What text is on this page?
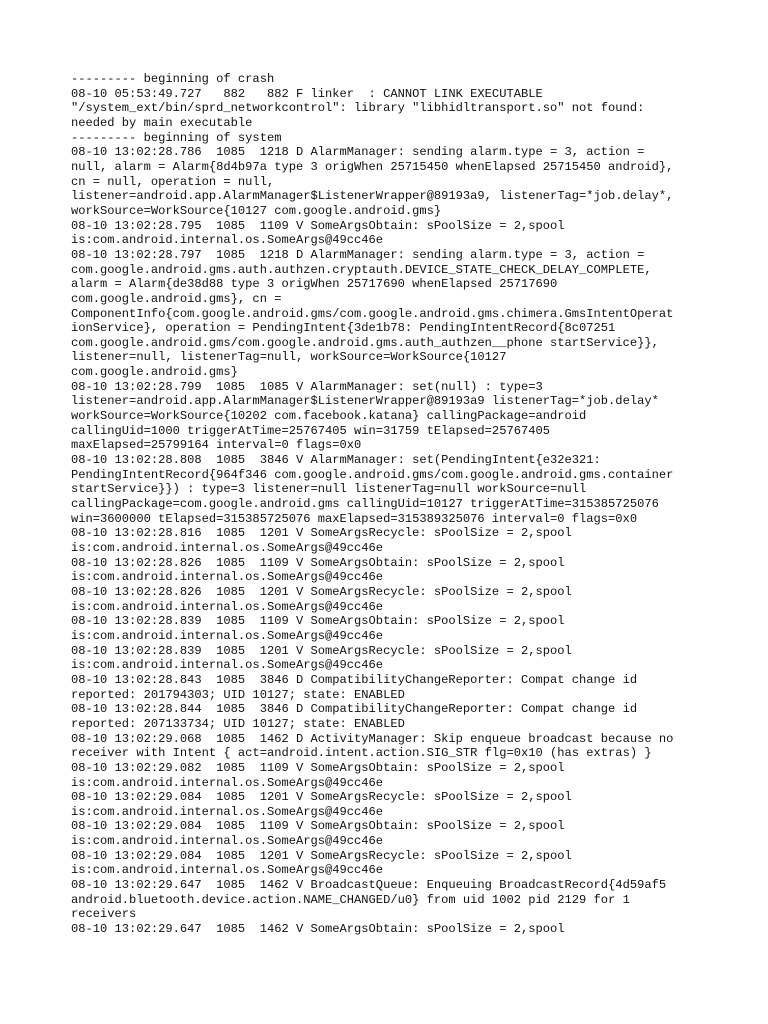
--------- beginning of crash
08-10 05:53:49.727   882   882 F linker  : CANNOT LINK EXECUTABLE
"/system_ext/bin/sprd_networkcontrol": library "libhidltransport.so" not found:
needed by main executable
--------- beginning of system
08-10 13:02:28.786  1085  1218 D AlarmManager: sending alarm.type = 3, action =
null, alarm = Alarm{8d4b97a type 3 origWhen 25715450 whenElapsed 25715450 android},
cn = null, operation = null,
listener=android.app.AlarmManager$ListenerWrapper@89193a9, listenerTag=*job.delay*,
workSource=WorkSource{10127 com.google.android.gms}
08-10 13:02:28.795  1085  1109 V SomeArgsObtain: sPoolSize = 2,spool
is:com.android.internal.os.SomeArgs@49cc46e
08-10 13:02:28.797  1085  1218 D AlarmManager: sending alarm.type = 3, action =
com.google.android.gms.auth.authzen.cryptauth.DEVICE_STATE_CHECK_DELAY_COMPLETE,
alarm = Alarm{de38d88 type 3 origWhen 25717690 whenElapsed 25717690
com.google.android.gms}, cn =
ComponentInfo{com.google.android.gms/com.google.android.gms.chimera.GmsIntentOperat
ionService}, operation = PendingIntent{3de1b78: PendingIntentRecord{8c07251
com.google.android.gms/com.google.android.gms.auth_authzen__phone startService}},
listener=null, listenerTag=null, workSource=WorkSource{10127
com.google.android.gms}
08-10 13:02:28.799  1085  1085 V AlarmManager: set(null) : type=3
listener=android.app.AlarmManager$ListenerWrapper@89193a9 listenerTag=*job.delay*
workSource=WorkSource{10202 com.facebook.katana} callingPackage=android
callingUid=1000 triggerAtTime=25767405 win=31759 tElapsed=25767405
maxElapsed=25799164 interval=0 flags=0x0
08-10 13:02:28.808  1085  3846 V AlarmManager: set(PendingIntent{e32e321:
PendingIntentRecord{964f346 com.google.android.gms/com.google.android.gms.container
startService}}) : type=3 listener=null listenerTag=null workSource=null
callingPackage=com.google.android.gms callingUid=10127 triggerAtTime=315385725076
win=3600000 tElapsed=315385725076 maxElapsed=315389325076 interval=0 flags=0x0
08-10 13:02:28.816  1085  1201 V SomeArgsRecycle: sPoolSize = 2,spool
is:com.android.internal.os.SomeArgs@49cc46e
08-10 13:02:28.826  1085  1109 V SomeArgsObtain: sPoolSize = 2,spool
is:com.android.internal.os.SomeArgs@49cc46e
08-10 13:02:28.826  1085  1201 V SomeArgsRecycle: sPoolSize = 2,spool
is:com.android.internal.os.SomeArgs@49cc46e
08-10 13:02:28.839  1085  1109 V SomeArgsObtain: sPoolSize = 2,spool
is:com.android.internal.os.SomeArgs@49cc46e
08-10 13:02:28.839  1085  1201 V SomeArgsRecycle: sPoolSize = 2,spool
is:com.android.internal.os.SomeArgs@49cc46e
08-10 13:02:28.843  1085  3846 D CompatibilityChangeReporter: Compat change id
reported: 201794303; UID 10127; state: ENABLED
08-10 13:02:28.844  1085  3846 D CompatibilityChangeReporter: Compat change id
reported: 207133734; UID 10127; state: ENABLED
08-10 13:02:29.068  1085  1462 D ActivityManager: Skip enqueue broadcast because no
receiver with Intent { act=android.intent.action.SIG_STR flg=0x10 (has extras) }
08-10 13:02:29.082  1085  1109 V SomeArgsObtain: sPoolSize = 2,spool
is:com.android.internal.os.SomeArgs@49cc46e
08-10 13:02:29.084  1085  1201 V SomeArgsRecycle: sPoolSize = 2,spool
is:com.android.internal.os.SomeArgs@49cc46e
08-10 13:02:29.084  1085  1109 V SomeArgsObtain: sPoolSize = 2,spool
is:com.android.internal.os.SomeArgs@49cc46e
08-10 13:02:29.084  1085  1201 V SomeArgsRecycle: sPoolSize = 2,spool
is:com.android.internal.os.SomeArgs@49cc46e
08-10 13:02:29.647  1085  1462 V BroadcastQueue: Enqueuing BroadcastRecord{4d59af5
android.bluetooth.device.action.NAME_CHANGED/u0} from uid 1002 pid 2129 for 1
receivers
08-10 13:02:29.647  1085  1462 V SomeArgsObtain: sPoolSize = 2,spool
